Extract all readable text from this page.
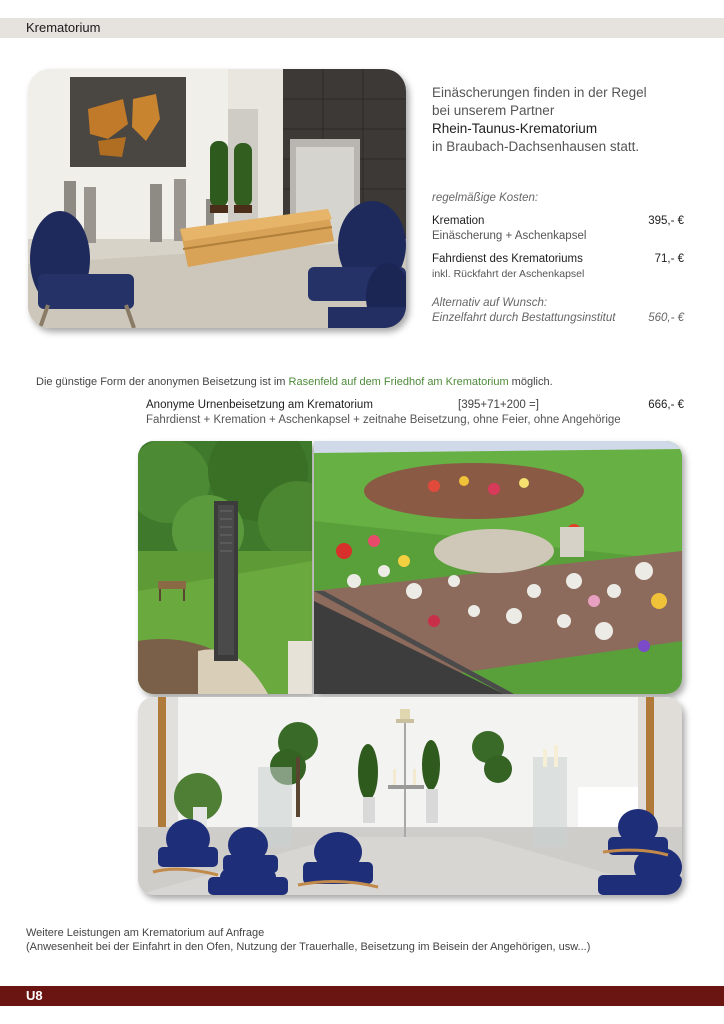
Krematorium
Einäscherungen finden in der Regel
bei unserem Partner
Rhein-Taunus-Krematorium
in Braubach-Dachsenhausen statt.
regelmäßige Kosten:
Kremation	395,- €
Einäscherung + Aschenkapsel
Fahrdienst des Krematoriums	71,- €
inkl. Rückfahrt der Aschenkapsel
Alternativ auf Wunsch:
Einzelfahrt durch Bestattungsinstitut	560,- €
Die günstige Form der anonymen Beisetzung ist im Rasenfeld auf dem Friedhof am Krematorium möglich.
Anonyme Urnenbeisetzung am Krematorium	[395+71+200 =]	666,- €
Fahrdienst + Kremation + Aschenkapsel + zeitnahe Beisetzung, ohne Feier, ohne Angehörige
Weitere Leistungen am Krematorium auf Anfrage
(Anwesenheit bei der Einfahrt in den Ofen, Nutzung der Trauerhalle, Beisetzung im Beisein der Angehörigen, usw...)
U8
